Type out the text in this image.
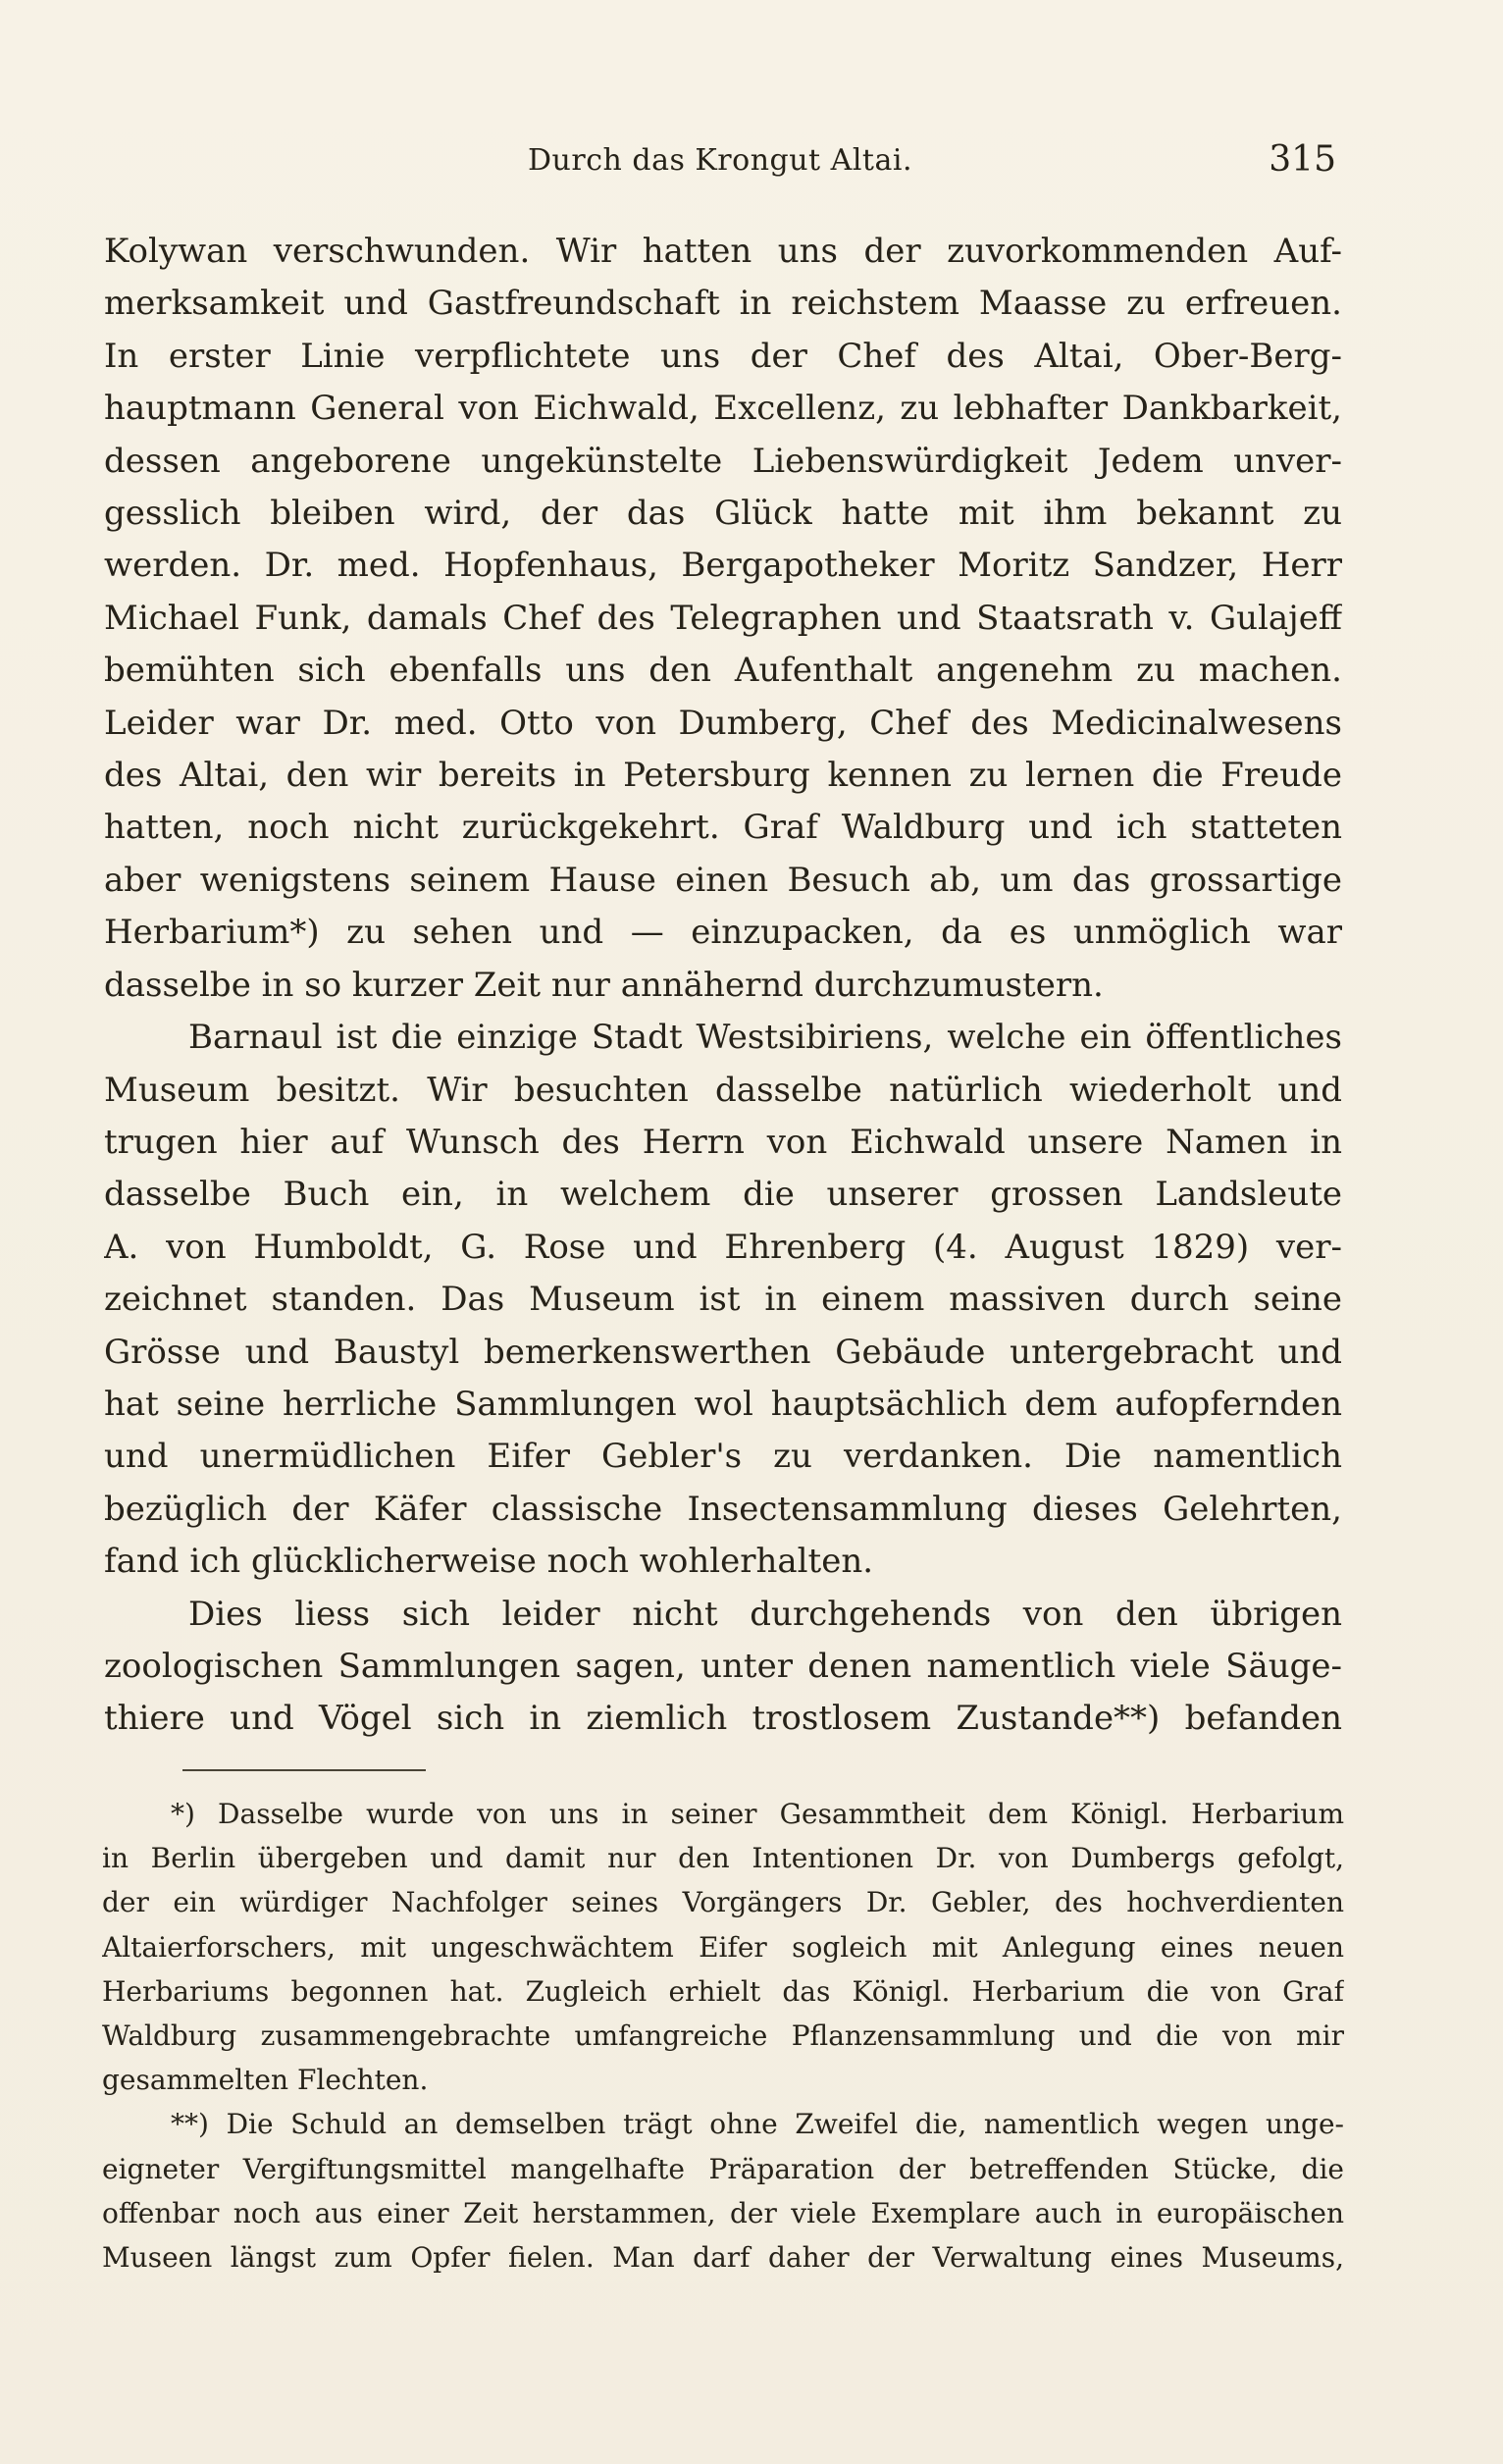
Durch das Krongut Altai.	315

Kolywan verschwunden. Wir hatten uns der zuvorkommenden Auf-
merksamkeit und Gastfreundschaft in reichstem Maasse zu erfreuen.
In erster Linie verpflichtete uns der Chef des Altai, Ober-Berg-
hauptmann General von Eichwald, Excellenz, zu lebhafter Dankbarkeit,
dessen angeborene ungekünstelte Liebenswürdigkeit Jedem unver-
gesslich bleiben wird, der das Glück hatte mit ihm bekannt zu
werden. Dr. med. Hopfenhaus, Bergapotheker Moritz Sandzer, Herr
Michael Funk, damals Chef des Telegraphen und Staatsrath v. Gulajeff
bemühten sich ebenfalls uns den Aufenthalt angenehm zu machen.
Leider war Dr. med. Otto von Dumberg, Chef des Medicinalwesens
des Altai, den wir bereits in Petersburg kennen zu lernen die Freude
hatten, noch nicht zurückgekehrt. Graf Waldburg und ich statteten
aber wenigstens seinem Hause einen Besuch ab, um das grossartige
Herbarium*) zu sehen und — einzupacken, da es unmöglich war
dasselbe in so kurzer Zeit nur annähernd durchzumustern.

Barnaul ist die einzige Stadt Westsibiriens, welche ein öffentliches
Museum besitzt. Wir besuchten dasselbe natürlich wiederholt und
trugen hier auf Wunsch des Herrn von Eichwald unsere Namen in
dasselbe Buch ein, in welchem die unserer grossen Landsleute
A. von Humboldt, G. Rose und Ehrenberg (4. August 1829) ver-
zeichnet standen. Das Museum ist in einem massiven durch seine
Grösse und Baustyl bemerkenswerthen Gebäude untergebracht und
hat seine herrliche Sammlungen wol hauptsächlich dem aufopfernden
und unermüdlichen Eifer Gebler's zu verdanken. Die namentlich
bezüglich der Käfer classische Insectensammlung dieses Gelehrten,
fand ich glücklicherweise noch wohlerhalten.

Dies liess sich leider nicht durchgehends von den übrigen
zoologischen Sammlungen sagen, unter denen namentlich viele Säuge-
thiere und Vögel sich in ziemlich trostlosem Zustande**) befanden

*) Dasselbe wurde von uns in seiner Gesammtheit dem Königl. Herbarium
in Berlin übergeben und damit nur den Intentionen Dr. von Dumbergs gefolgt,
der ein würdiger Nachfolger seines Vorgängers Dr. Gebler, des hochverdienten
Altaierforschers, mit ungeschwächtem Eifer sogleich mit Anlegung eines neuen
Herbariums begonnen hat. Zugleich erhielt das Königl. Herbarium die von Graf
Waldburg zusammengebrachte umfangreiche Pflanzensammlung und die von mir
gesammelten Flechten.
**) Die Schuld an demselben trägt ohne Zweifel die, namentlich wegen unge-
eigneter Vergiftungsmittel mangelhafte Präparation der betreffenden Stücke, die
offenbar noch aus einer Zeit herstammen, der viele Exemplare auch in europäischen
Museen längst zum Opfer fielen. Man darf daher der Verwaltung eines Museums,
